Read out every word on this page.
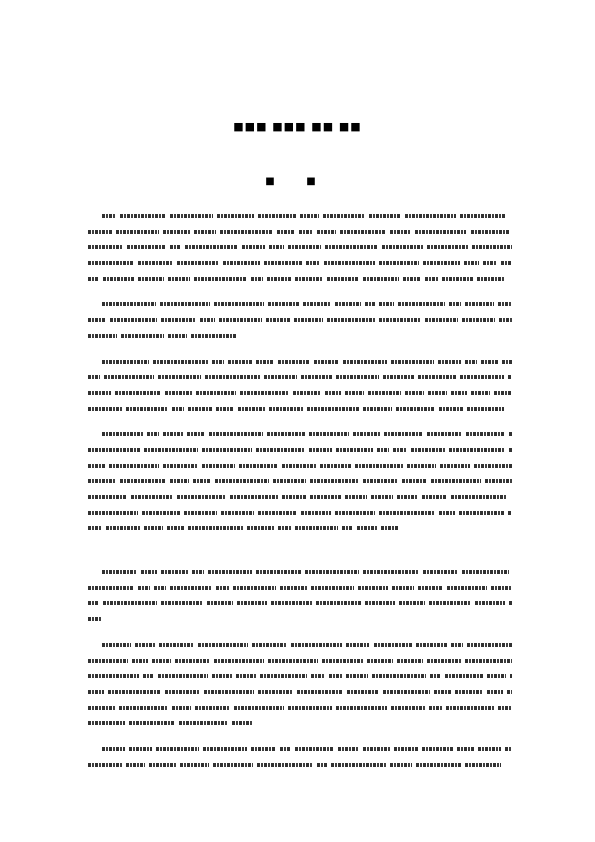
■■■ ■■■ ■■ ■■
■ ■
